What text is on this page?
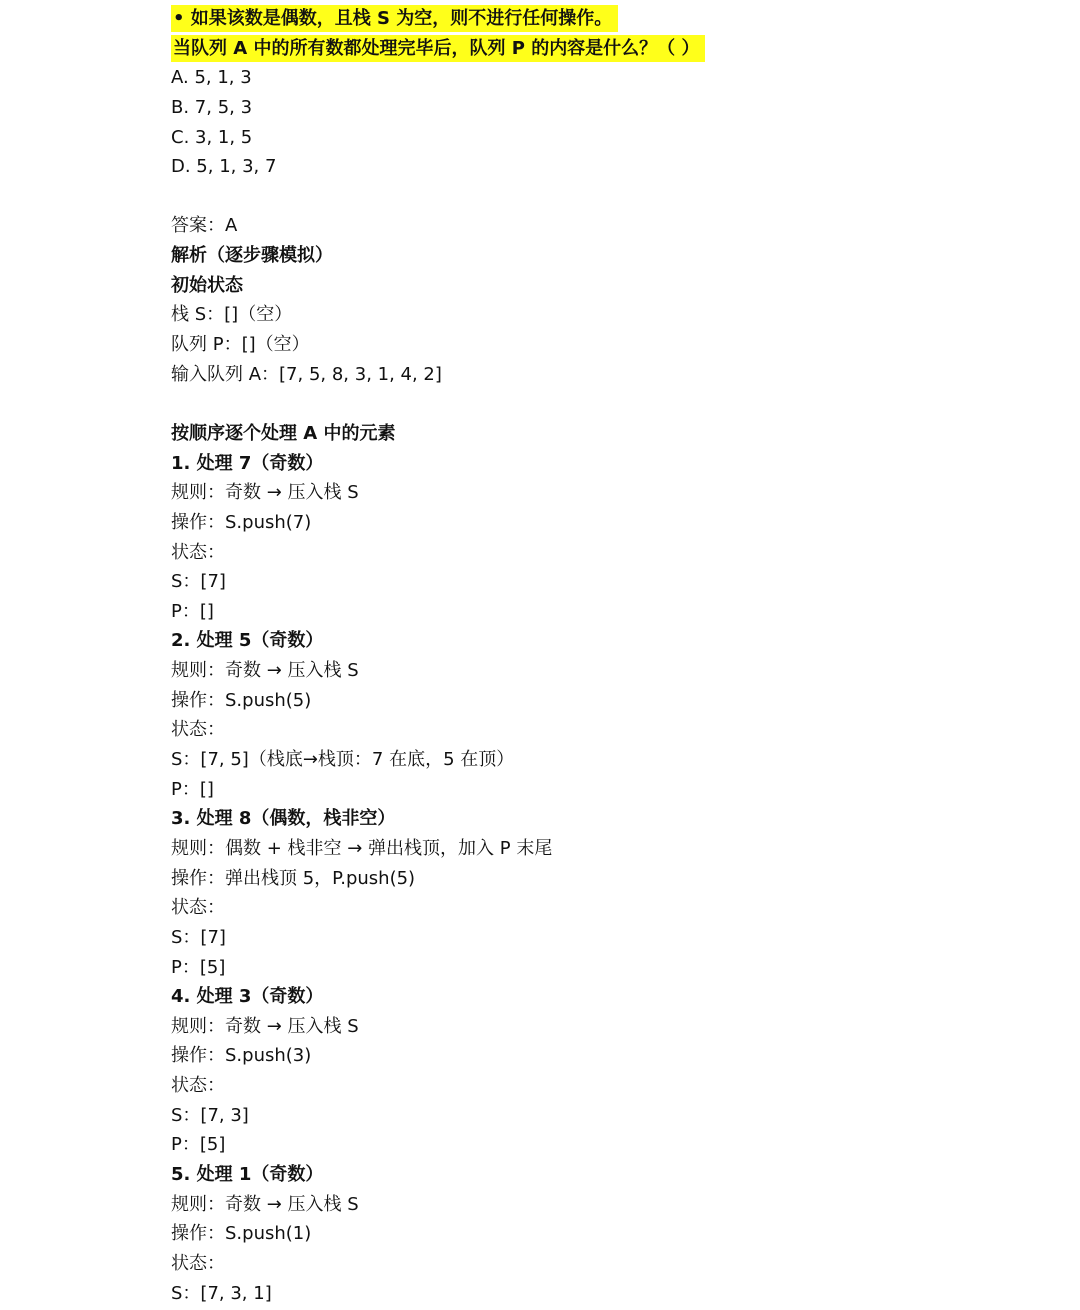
• 如果该数是偶数，且栈 S 为空，则不进行任何操作。
当队列 A 中的所有数都处理完毕后，队列 P 的内容是什么？（ ）
A. 5, 1, 3
B. 7, 5, 3
C. 3, 1, 5
D. 5, 1, 3, 7
答案：A
解析（逐步骤模拟）
初始状态
栈 S：[]（空）
队列 P：[]（空）
输入队列 A：[7, 5, 8, 3, 1, 4, 2]
按顺序逐个处理 A 中的元素
1. 处理 7（奇数）
规则：奇数 → 压入栈 S
操作：S.push(7)
状态：
S：[7]
P：[]
2. 处理 5（奇数）
规则：奇数 → 压入栈 S
操作：S.push(5)
状态：
S：[7, 5]（栈底→栈顶：7 在底，5 在顶）
P：[]
3. 处理 8（偶数，栈非空）
规则：偶数 + 栈非空 → 弹出栈顶，加入 P 末尾
操作：弹出栈顶 5，P.push(5)
状态：
S：[7]
P：[5]
4. 处理 3（奇数）
规则：奇数 → 压入栈 S
操作：S.push(3)
状态：
S：[7, 3]
P：[5]
5. 处理 1（奇数）
规则：奇数 → 压入栈 S
操作：S.push(1)
状态：
S：[7, 3, 1]
